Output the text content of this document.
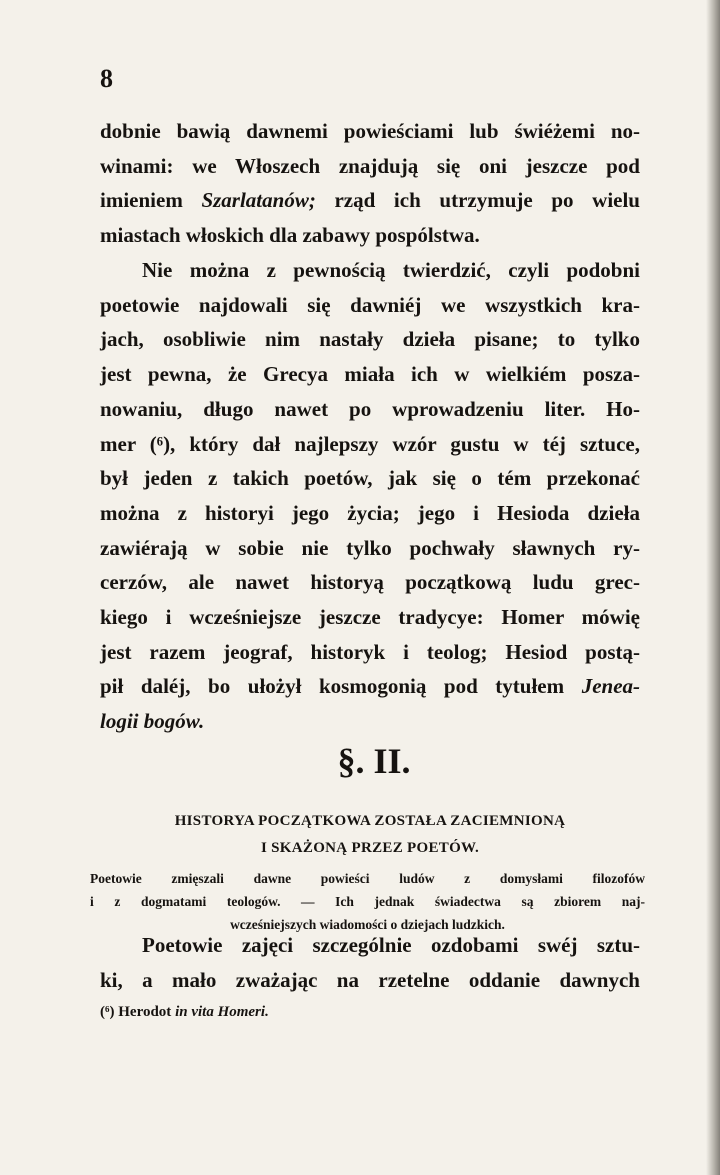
8

dobnie bawią dawnemi powieściami lub świéżemi no-
winami: we Włoszech znajdują się oni jeszcze pod
imieniem Szarlatanów; rząd ich utrzymuje po wielu
miastach włoskich dla zabawy pospólstwa.

Nie można z pewnością twierdzić, czyli podobni
poetowie najdowali się dawniéj we wszystkich kra-
jach, osobliwie nim nastały dzieła pisane; to tylko
jest pewna, że Grecya miała ich w wielkiém posza-
nowaniu, długo nawet po wprowadzeniu liter. Ho-
mer (⁶), który dał najlepszy wzór gustu w téj sztuce,
był jeden z takich poetów, jak się o tém przekonać
można z historyi jego życia; jego i Hesioda dzieła
zawiérają w sobie nie tylko pochwały sławnych ry-
cerzów, ale nawet historyą początkową ludu grec-
kiego i wcześniejsze jeszcze tradycye: Homer mówię
jest razem jeograf, historyk i teolog; Hesiod postą-
pił daléj, bo ułożył kosmogonią pod tytułem Jenea-
logii bogów.

§. II.
HISTORYA POCZĄTKOWA ZOSTAŁA ZACIEMNIONĄ
I SKAŻONĄ PRZEZ POETÓW.

Poetowie zmięszali dawne powieści ludów z domysłami filozofów
i z dogmatami teologów. — Ich jednak świadectwa są zbiorem naj-
wcześniejszych wiadomości o dziejach ludzkich.

Poetowie zajęci szczególnie ozdobami swéj sztu-
ki, a mało zważając na rzetelne oddanie dawnych

(⁶) Herodot in vita Homeri.
